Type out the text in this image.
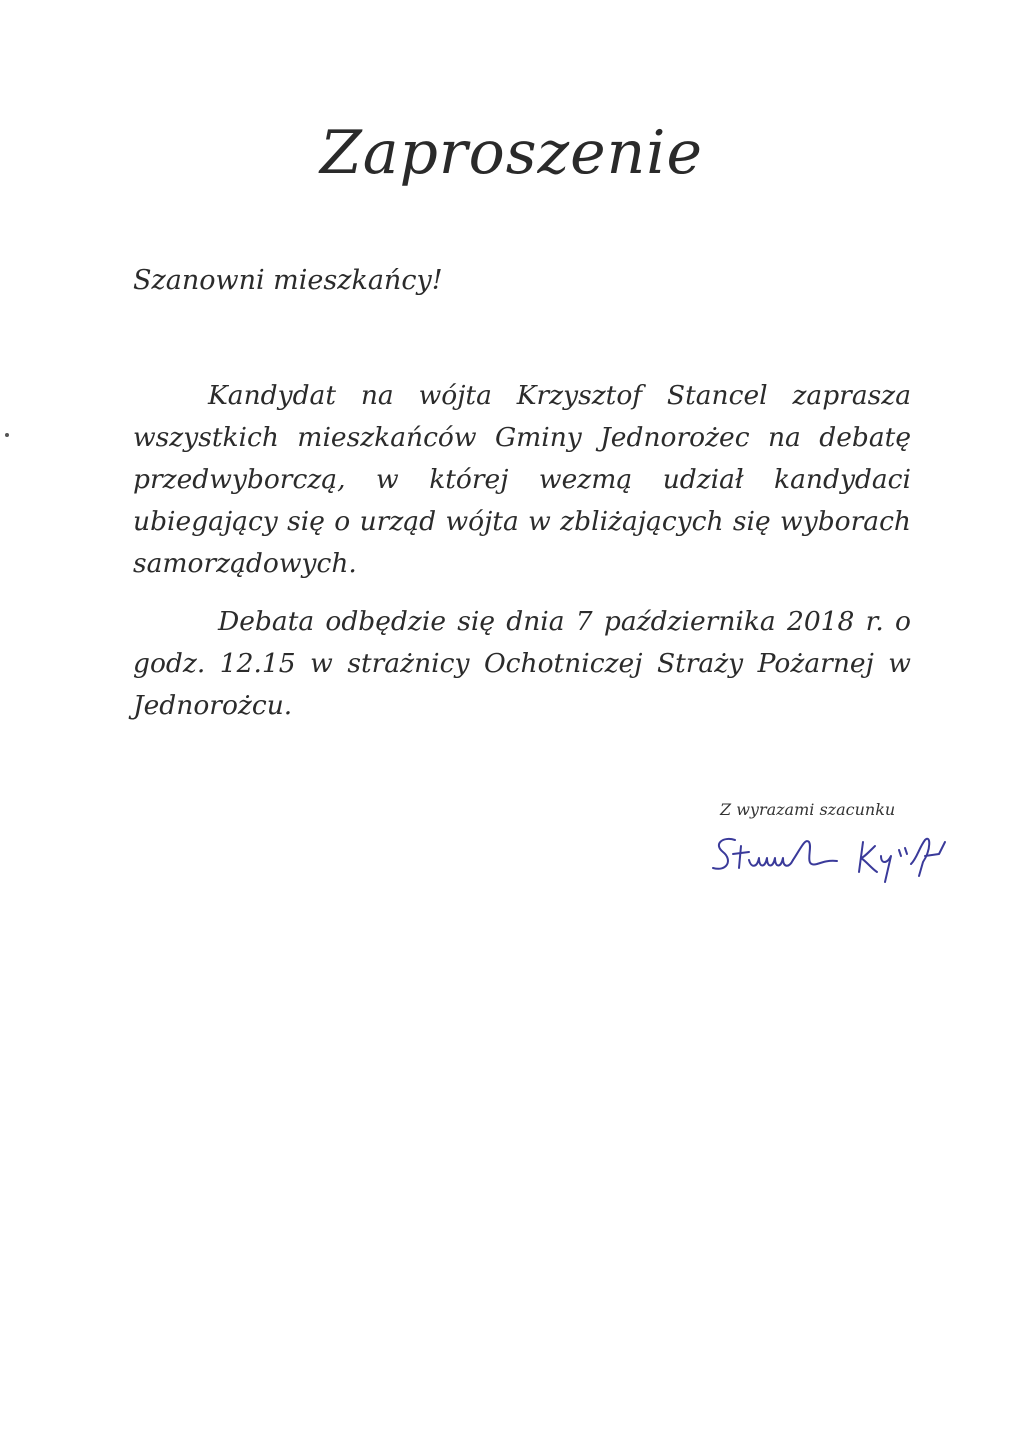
Zaproszenie
Szanowni mieszkańcy!
Kandydat na wójta Krzysztof Stancel zaprasza wszystkich mieszkańców Gminy Jednorożec na debatę przedwyborczą, w której wezmą udział kandydaci ubiegający się o urząd wójta w zbliżających się wyborach samorządowych.
Debata odbędzie się dnia 7 października 2018 r. o godz. 12.15 w strażnicy Ochotniczej Straży Pożarnej w Jednorożcu.
Z wyrazami szacunku
